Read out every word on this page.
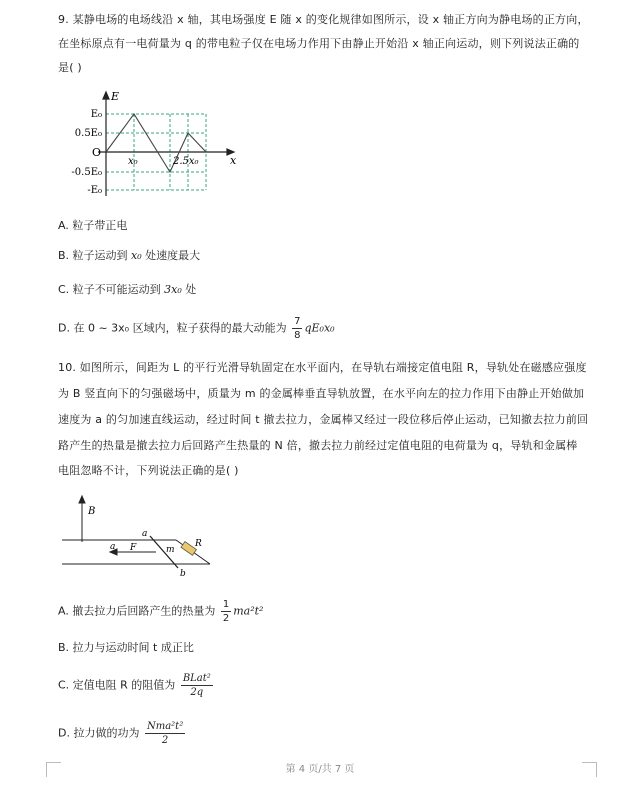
9. 某静电场的电场线沿 x 轴，其电场强度 E 随 x 的变化规律如图所示，设 x 轴正方向为静电场的正方向，
在坐标原点有一电荷量为 q 的带电粒子仅在电场力作用下由静止开始沿 x 轴正向运动，则下列说法正确的
是( )
E
x
O
E₀
0.5E₀
-0.5E₀
-E₀
x₀	2.5x₀
A. 粒子带正电
B. 粒子运动到 x₀ 处速度最大
C. 粒子不可能运动到 3x₀ 处
D. 在 0 ~ 3x₀ 区域内，粒子获得的最大动能为 $\frac{7}{8} qE_0x_0$
10. 如图所示，间距为 L 的平行光滑导轨固定在水平面内，在导轨右端接定值电阻 R，导轨处在磁感应强度
为 B 竖直向下的匀强磁场中，质量为 m 的金属棒垂直导轨放置，在水平向左的拉力作用下由静止开始做加
速度为 a 的匀加速直线运动，经过时间 t 撤去拉力，金属棒又经过一段位移后停止运动，已知撤去拉力前回
路产生的热量是撤去拉力后回路产生热量的 N 倍，撤去拉力前经过定值电阻的电荷量为 q，导轨和金属棒
电阻忽略不计，下列说法正确的是( )
B
a
F
a	m
R
b
A. 撤去拉力后回路产生的热量为 $\frac{1}{2} ma^2t^2$
B. 拉力与运动时间 t 成正比
C. 定值电阻 R 的阻值为 $\frac{\text{BLat²}}{2q}$
D. 拉力做的功为 $\frac{\text{Nma²t²}}{2}$
第 4 页/共 7 页
